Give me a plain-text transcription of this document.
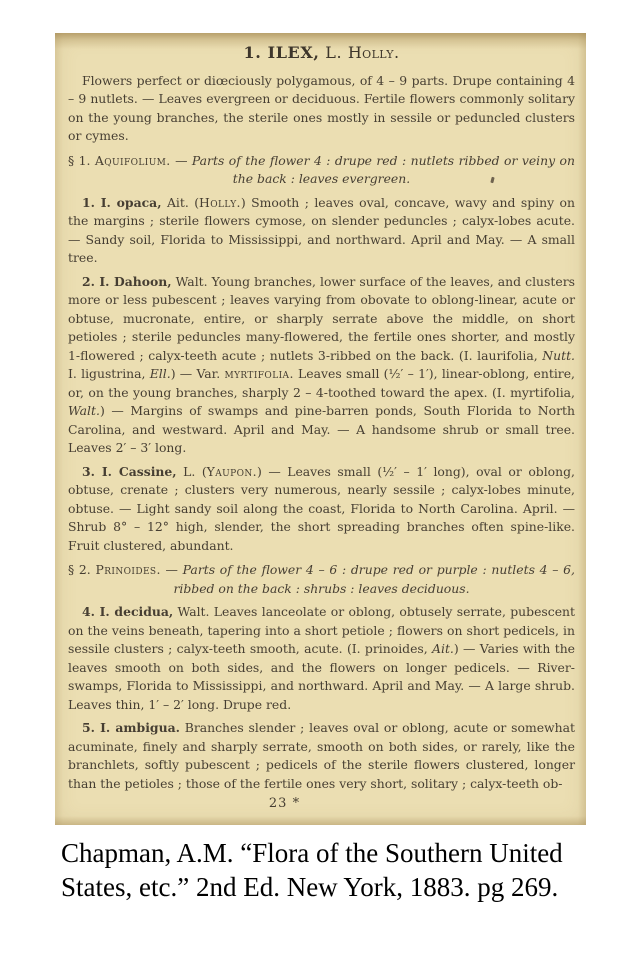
1. ILEX, L. Holly.

Flowers perfect or diœciously polygamous, of 4 – 9 parts. Drupe containing 4 – 9 nutlets. — Leaves evergreen or deciduous. Fertile flowers commonly solitary on the young branches, the sterile ones mostly in sessile or peduncled clusters or cymes.

§ 1. Aquifolium. — Parts of the flower 4 : drupe red : nutlets ribbed or veiny on the back : leaves evergreen.

1. I. opaca, Ait. (Holly.) Smooth ; leaves oval, concave, wavy and spiny on the margins ; sterile flowers cymose, on slender peduncles ; calyx-lobes acute. — Sandy soil, Florida to Mississippi, and northward. April and May. — A small tree.

2. I. Dahoon, Walt. Young branches, lower surface of the leaves, and clusters more or less pubescent ; leaves varying from obovate to oblong-linear, acute or obtuse, mucronate, entire, or sharply serrate above the middle, on short petioles ; sterile peduncles many-flowered, the fertile ones shorter, and mostly 1-flowered ; calyx-teeth acute ; nutlets 3-ribbed on the back. (I. laurifolia, Nutt. I. ligustrina, Ell.) — Var. myrtifolia. Leaves small (½′ – 1′), linear-oblong, entire, or, on the young branches, sharply 2 – 4-toothed toward the apex. (I. myrtifolia, Walt.) — Margins of swamps and pine-barren ponds, South Florida to North Carolina, and westward. April and May. — A handsome shrub or small tree. Leaves 2′ – 3′ long.

3. I. Cassine, L. (Yaupon.) — Leaves small (½′ – 1′ long), oval or oblong, obtuse, crenate ; clusters very numerous, nearly sessile ; calyx-lobes minute, obtuse. — Light sandy soil along the coast, Florida to North Carolina. April. — Shrub 8° – 12° high, slender, the short spreading branches often spine-like. Fruit clustered, abundant.

§ 2. Prinoides. — Parts of the flower 4 – 6 : drupe red or purple : nutlets 4 – 6, ribbed on the back : shrubs : leaves deciduous.

4. I. decidua, Walt. Leaves lanceolate or oblong, obtusely serrate, pubescent on the veins beneath, tapering into a short petiole ; flowers on short pedicels, in sessile clusters ; calyx-teeth smooth, acute. (I. prinoides, Ait.) — Varies with the leaves smooth on both sides, and the flowers on longer pedicels. — River-swamps, Florida to Mississippi, and northward. April and May. — A large shrub. Leaves thin, 1′ – 2′ long. Drupe red.

5. I. ambigua. Branches slender ; leaves oval or oblong, acute or somewhat acuminate, finely and sharply serrate, smooth on both sides, or rarely, like the branchlets, softly pubescent ; pedicels of the sterile flowers clustered, longer than the petioles ; those of the fertile ones very short, solitary ; calyx-teeth ob-

23 *
Chapman, A.M. “Flora of the Southern United States, etc.” 2nd Ed. New York, 1883. pg 269.
